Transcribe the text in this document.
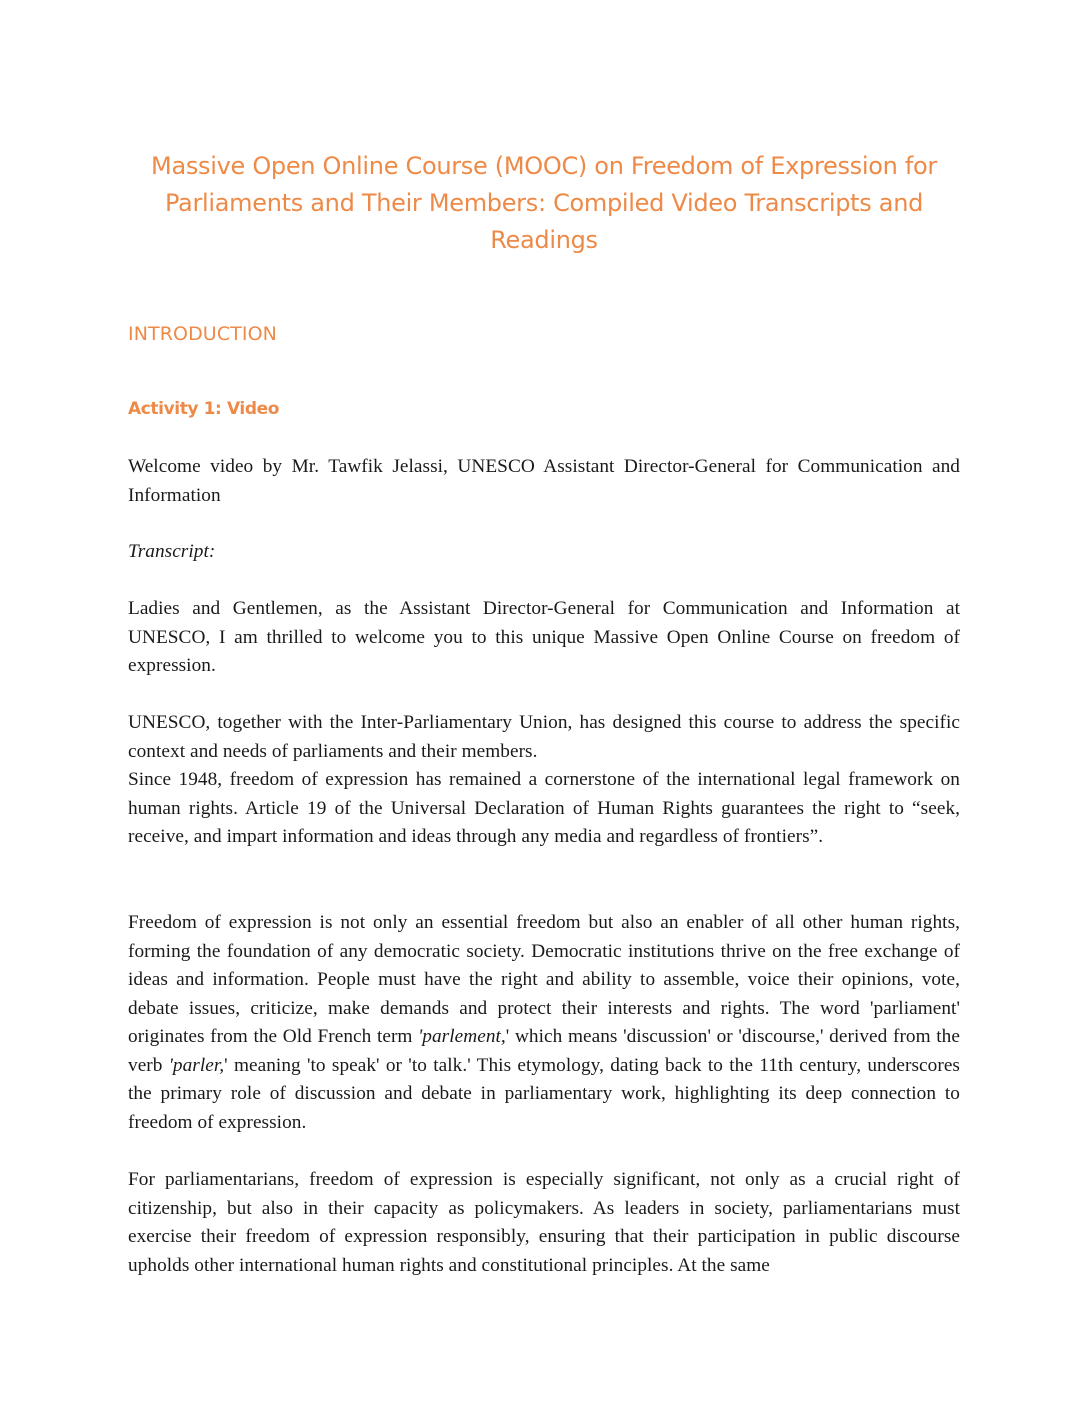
Massive Open Online Course (MOOC) on Freedom of Expression for Parliaments and Their Members: Compiled Video Transcripts and Readings
INTRODUCTION
Activity 1: Video

Welcome video by Mr. Tawfik Jelassi, UNESCO Assistant Director-General for Communication and Information

Transcript:

Ladies and Gentlemen, as the Assistant Director-General for Communication and Information at UNESCO, I am thrilled to welcome you to this unique Massive Open Online Course on freedom of expression.

UNESCO, together with the Inter-Parliamentary Union, has designed this course to address the specific context and needs of parliaments and their members.

Since 1948, freedom of expression has remained a cornerstone of the international legal framework on human rights. Article 19 of the Universal Declaration of Human Rights guarantees the right to “seek, receive, and impart information and ideas through any media and regardless of frontiers”.

Freedom of expression is not only an essential freedom but also an enabler of all other human rights, forming the foundation of any democratic society. Democratic institutions thrive on the free exchange of ideas and information. People must have the right and ability to assemble, voice their opinions, vote, debate issues, criticize, make demands and protect their interests and rights. The word 'parliament' originates from the Old French term 'parlement,' which means 'discussion' or 'discourse,' derived from the verb 'parler,' meaning 'to speak' or 'to talk.' This etymology, dating back to the 11th century, underscores the primary role of discussion and debate in parliamentary work, highlighting its deep connection to freedom of expression.

For parliamentarians, freedom of expression is especially significant, not only as a crucial right of citizenship, but also in their capacity as policymakers. As leaders in society, parliamentarians must exercise their freedom of expression responsibly, ensuring that their participation in public discourse upholds other international human rights and constitutional principles. At the same
